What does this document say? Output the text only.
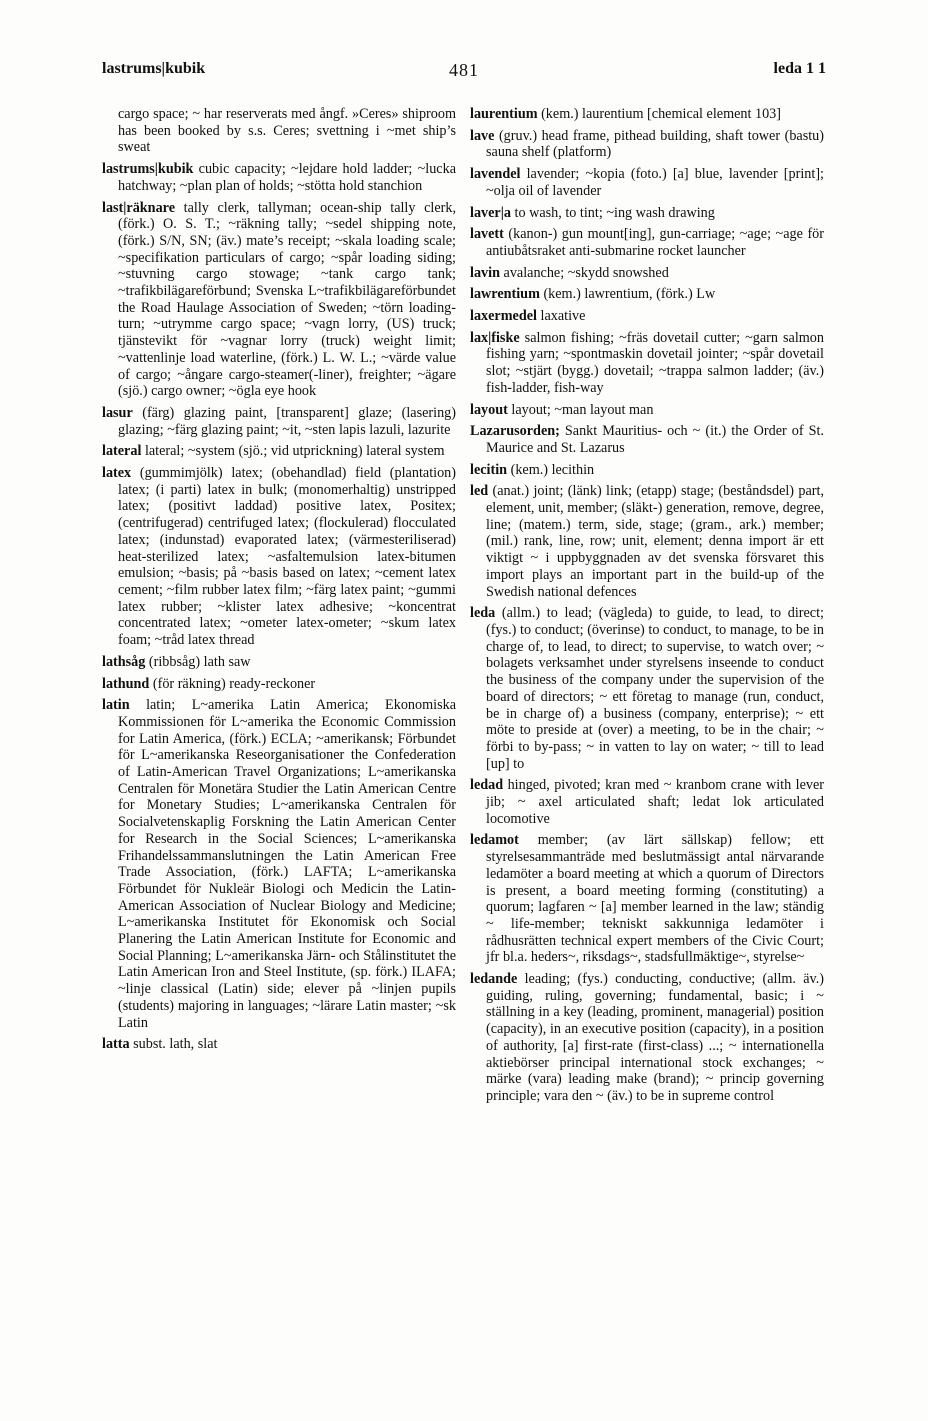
lastrums|kubik	481	leda 1 1

cargo space; ~ har reserverats med ångf. »Ceres» shiproom has been booked by s.s. Ceres; svettning i ~met ship’s sweat

lastrums|kubik cubic capacity; ~lejdare hold ladder; ~lucka hatchway; ~plan plan of holds; ~stötta hold stanchion

last|räknare tally clerk, tallyman; ocean-ship tally clerk, (förk.) O. S. T.; ~räkning tally; ~sedel shipping note, (förk.) S/N, SN; (äv.) mate’s receipt; ~skala loading scale; ~specifikation particulars of cargo; ~spår loading siding; ~stuvning cargo stowage; ~tank cargo tank; ~trafikbilägareförbund; Svenska L~trafikbilägareförbundet the Road Haulage Association of Sweden; ~törn loading-turn; ~utrymme cargo space; ~vagn lorry, (US) truck; tjänstevikt för ~vagnar lorry (truck) weight limit; ~vattenlinje load waterline, (förk.) L. W. L.; ~värde value of cargo; ~ångare cargo-steamer(-liner), freighter; ~ägare (sjö.) cargo owner; ~ögla eye hook

lasur (färg) glazing paint, [transparent] glaze; (lasering) glazing; ~färg glazing paint; ~it, ~sten lapis lazuli, lazurite

lateral lateral; ~system (sjö.; vid utprickning) lateral system

latex (gummimjölk) latex; (obehandlad) field (plantation) latex; (i parti) latex in bulk; (monomerhaltig) unstripped latex; (positivt laddad) positive latex, Positex; (centrifugerad) centrifuged latex; (flockulerad) flocculated latex; (indunstad) evaporated latex; (värmesteriliserad) heat-sterilized latex; ~asfaltemulsion latex-bitumen emulsion; ~basis; på ~basis based on latex; ~cement latex cement; ~film rubber latex film; ~färg latex paint; ~gummi latex rubber; ~klister latex adhesive; ~koncentrat concentrated latex; ~ometer latex-ometer; ~skum latex foam; ~tråd latex thread

lathsåg (ribbsåg) lath saw

lathund (för räkning) ready-reckoner

latin latin; L~amerika Latin America; Ekonomiska Kommissionen för L~amerika the Economic Commission for Latin America, (förk.) ECLA; ~amerikansk; Förbundet för L~amerikanska Reseorganisationer the Confederation of Latin-American Travel Organizations; L~amerikanska Centralen för Monetära Studier the Latin American Centre for Monetary Studies; L~amerikanska Centralen för Socialvetenskaplig Forskning the Latin American Center for Research in the Social Sciences; L~amerikanska Frihandelssammanslutningen the Latin American Free Trade Association, (förk.) LAFTA; L~amerikanska Förbundet för Nukleär Biologi och Medicin the Latin-American Association of Nuclear Biology and Medicine; L~amerikanska Institutet för Ekonomisk och Social Planering the Latin American Institute for Economic and Social Planning; L~amerikanska Järn- och Stålinstitutet the Latin American Iron and Steel Institute, (sp. förk.) ILAFA; ~linje classical (Latin) side; elever på ~linjen pupils (students) majoring in languages; ~lärare Latin master; ~sk Latin

latta subst. lath, slat

laurentium (kem.) laurentium [chemical element 103]

lave (gruv.) head frame, pithead building, shaft tower (bastu) sauna shelf (platform)

lavendel lavender; ~kopia (foto.) [a] blue, lavender [print]; ~olja oil of lavender

laver|a to wash, to tint; ~ing wash drawing

lavett (kanon-) gun mount[ing], gun-carriage; ~age; ~age för antiubåtsraket anti-submarine rocket launcher

lavin avalanche; ~skydd snowshed

lawrentium (kem.) lawrentium, (förk.) Lw

laxermedel laxative

lax|fiske salmon fishing; ~fräs dovetail cutter; ~garn salmon fishing yarn; ~spontmaskin dovetail jointer; ~spår dovetail slot; ~stjärt (bygg.) dovetail; ~trappa salmon ladder; (äv.) fish-ladder, fish-way

layout layout; ~man layout man

Lazarusorden; Sankt Mauritius- och ~ (it.) the Order of St. Maurice and St. Lazarus

lecitin (kem.) lecithin

led (anat.) joint; (länk) link; (etapp) stage; (beståndsdel) part, element, unit, member; (släkt-) generation, remove, degree, line; (matem.) term, side, stage; (gram., ark.) member; (mil.) rank, line, row; unit, element; denna import är ett viktigt ~ i uppbyggnaden av det svenska försvaret this import plays an important part in the build-up of the Swedish national defences

leda (allm.) to lead; (vägleda) to guide, to lead, to direct; (fys.) to conduct; (överinse) to conduct, to manage, to be in charge of, to lead, to direct; to supervise, to watch over; ~ bolagets verksamhet under styrelsens inseende to conduct the business of the company under the supervision of the board of directors; ~ ett företag to manage (run, conduct, be in charge of) a business (company, enterprise); ~ ett möte to preside at (over) a meeting, to be in the chair; ~ förbi to by-pass; ~ in vatten to lay on water; ~ till to lead [up] to

ledad hinged, pivoted; kran med ~ kranbom crane with lever jib; ~ axel articulated shaft; ledat lok articulated locomotive

ledamot member; (av lärt sällskap) fellow; ett styrelsesammanträde med beslutmässigt antal närvarande ledamöter a board meeting at which a quorum of Directors is present, a board meeting forming (constituting) a quorum; lagfaren ~ [a] member learned in the law; ständig ~ life-member; tekniskt sakkunniga ledamöter i rådhusrätten technical expert members of the Civic Court; jfr bl.a. heders~, riksdags~, stadsfullmäktige~, styrelse~

ledande leading; (fys.) conducting, conductive; (allm. äv.) guiding, ruling, governing; fundamental, basic; i ~ ställning in a key (leading, prominent, managerial) position (capacity), in an executive position (capacity), in a position of authority, [a] first-rate (first-class) ...; ~ internationella aktiebörser principal international stock exchanges; ~ märke (vara) leading make (brand); ~ princip governing principle; vara den ~ (äv.) to be in supreme control
